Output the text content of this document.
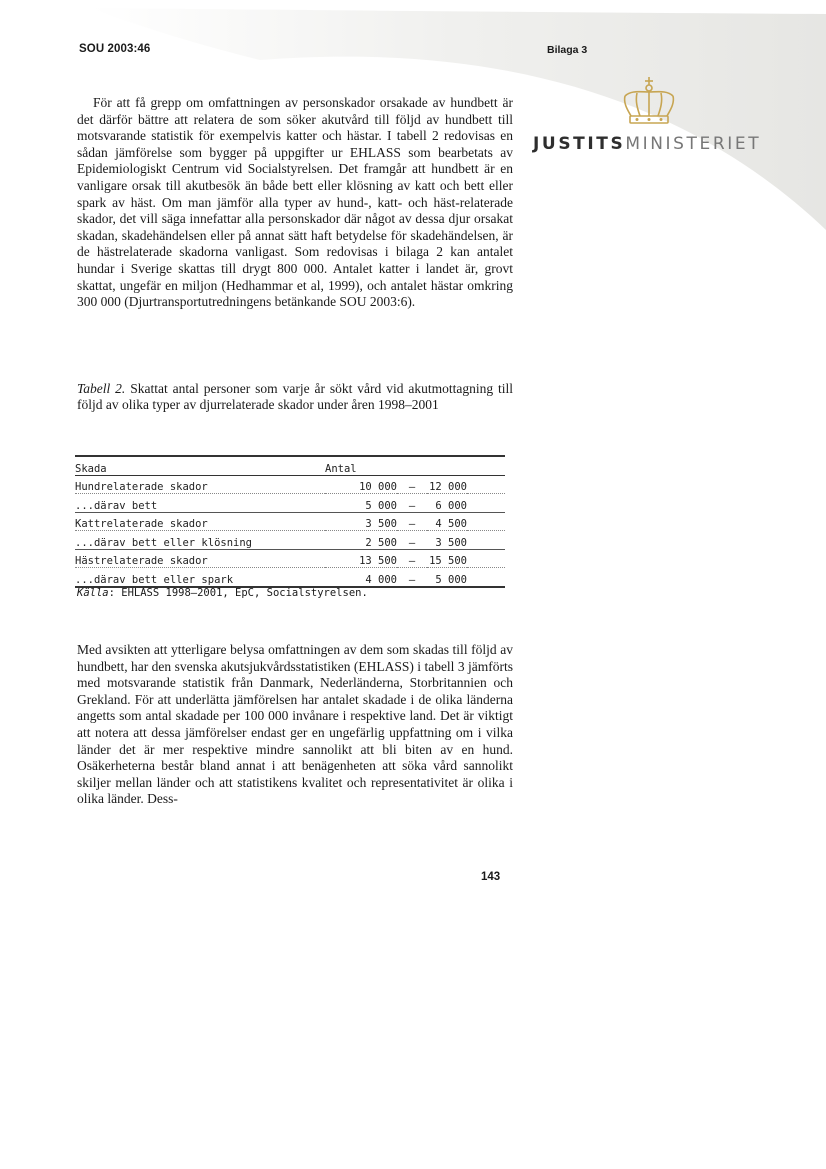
SOU 2003:46	Bilaga 3
JUSTITSMINISTERIET

För att få grepp om omfattningen av personskador orsakade av hundbett är det därför bättre att relatera de som söker akutvård till följd av hundbett till motsvarande statistik för exempelvis katter och hästar. I tabell 2 redovisas en sådan jämförelse som bygger på uppgifter ur EHLASS som bearbetats av Epidemiologiskt Centrum vid Socialstyrelsen. Det framgår att hundbett är en vanligare orsak till akutbesök än både bett eller klösning av katt och bett eller spark av häst. Om man jämför alla typer av hund-, katt- och häst-relaterade skador, det vill säga innefattar alla personskador där något av dessa djur orsakat skadan, skadehändelsen eller på annat sätt haft betydelse för skadehändelsen, är de hästrelaterade skadorna vanligast. Som redovisas i bilaga 2 kan antalet hundar i Sverige skattas till drygt 800 000. Antalet katter i landet är, grovt skattat, ungefär en miljon (Hedhammar et al, 1999), och antalet hästar omkring 300 000 (Djurtransportutredningens betänkande SOU 2003:6).

Tabell 2. Skattat antal personer som varje år sökt vård vid akutmottagning till följd av olika typer av djurrelaterade skador under åren 1998–2001

Skada	Antal			
Hundrelaterade skador	10 000	–	12 000	
...därav bett	5 000	–	6 000	
Kattrelaterade skador	3 500	–	4 500	
...därav bett eller klösning	2 500	–	3 500	
Hästrelaterade skador	13 500	–	15 500	
...därav bett eller spark	4 000	–	5 000	
Källa: EHLASS 1998–2001, EpC, Socialstyrelsen.

Med avsikten att ytterligare belysa omfattningen av dem som skadas till följd av hundbett, har den svenska akutsjukvårdsstatistiken (EHLASS) i tabell 3 jämförts med motsvarande statistik från Danmark, Nederländerna, Storbritannien och Grekland. För att underlätta jämförelsen har antalet skadade i de olika länderna angetts som antal skadade per 100 000 invånare i respektive land. Det är viktigt att notera att dessa jämförelser endast ger en ungefärlig uppfattning om i vilka länder det är mer respektive mindre sannolikt att bli biten av en hund. Osäkerheterna består bland annat i att benägenheten att söka vård sannolikt skiljer mellan länder och att statistikens kvalitet och representativitet är olika i olika länder. Dess-

143
